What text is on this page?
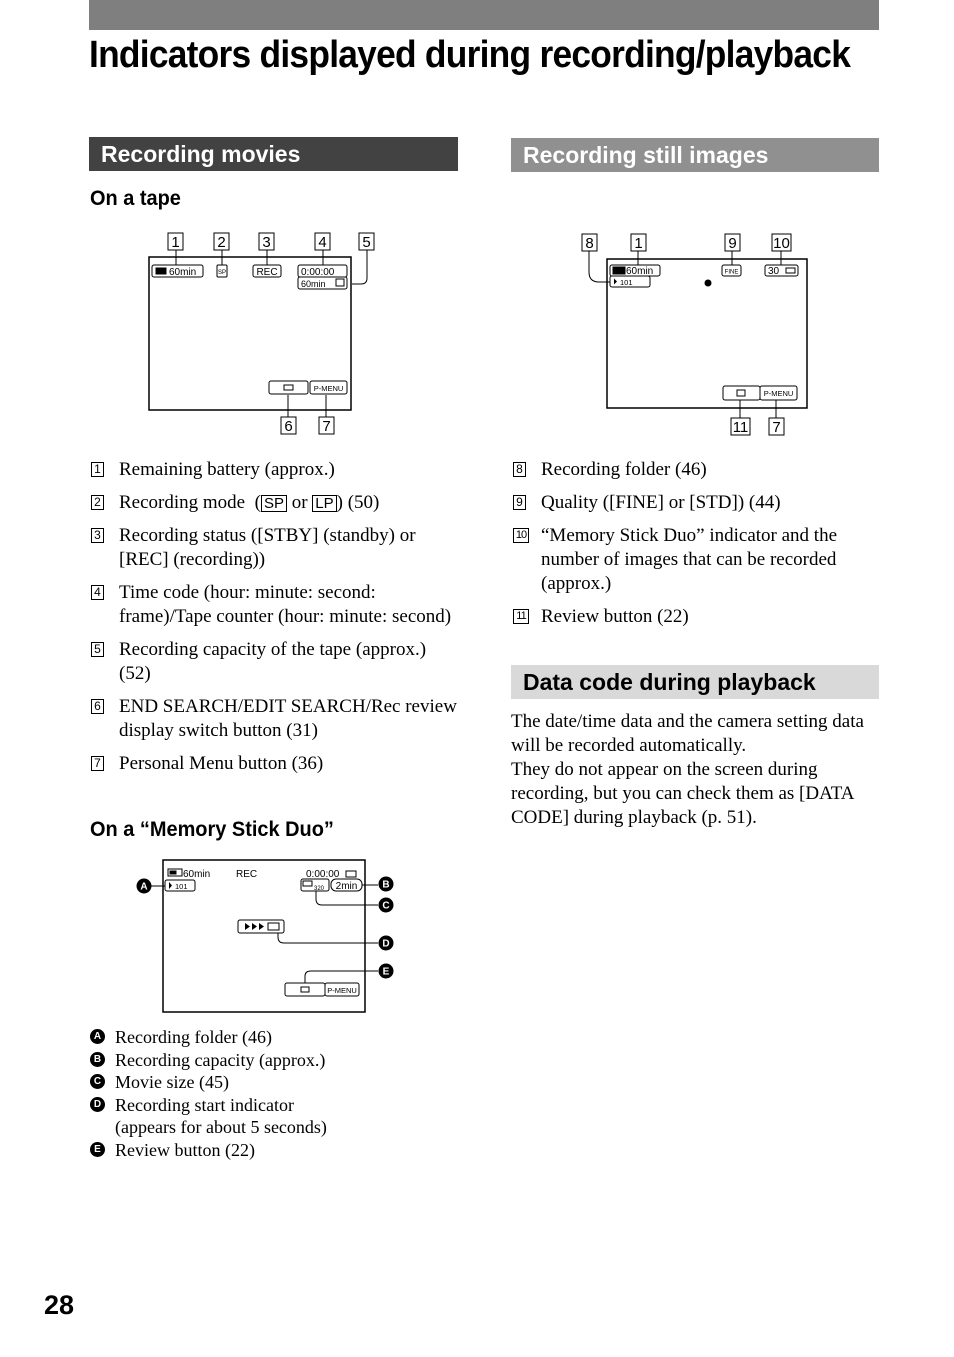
Indicators displayed during recording/playback
Recording movies
On a tape
1	2 3	4 5
6 7
60min	SP	REC 0:00:00
60min
P-MENU
1 Remaining battery (approx.)
2 Recording mode  ( SP or LP ) (50)
3 Recording status ([STBY] (standby) or [REC] (recording))
4 Time code (hour: minute: second: frame)/Tape counter (hour: minute: second)
5 Recording capacity of the tape (approx.) (52)
6 END SEARCH/EDIT SEARCH/Rec review display switch button (31)
7 Personal Menu button (36)
On a “Memory Stick Duo”
A	B
C
D
E
60min	REC	0:00:00
101	320 2min
P-MENU
A Recording folder (46)
B Recording capacity (approx.)
C Movie size (45)
D Recording start indicator
(appears for about 5 seconds)
E Review button (22)
Recording still images
8	1	9 10
11 7
60min
101
FINE	30
P-MENU
8 Recording folder (46)
9 Quality ([FINE] or [STD]) (44)
10 “Memory Stick Duo” indicator and the number of images that can be recorded (approx.)
11 Review button (22)
Data code during playback
The date/time data and the camera setting data will be recorded automatically.
They do not appear on the screen during recording, but you can check them as [DATA CODE] during playback (p. 51).
28
